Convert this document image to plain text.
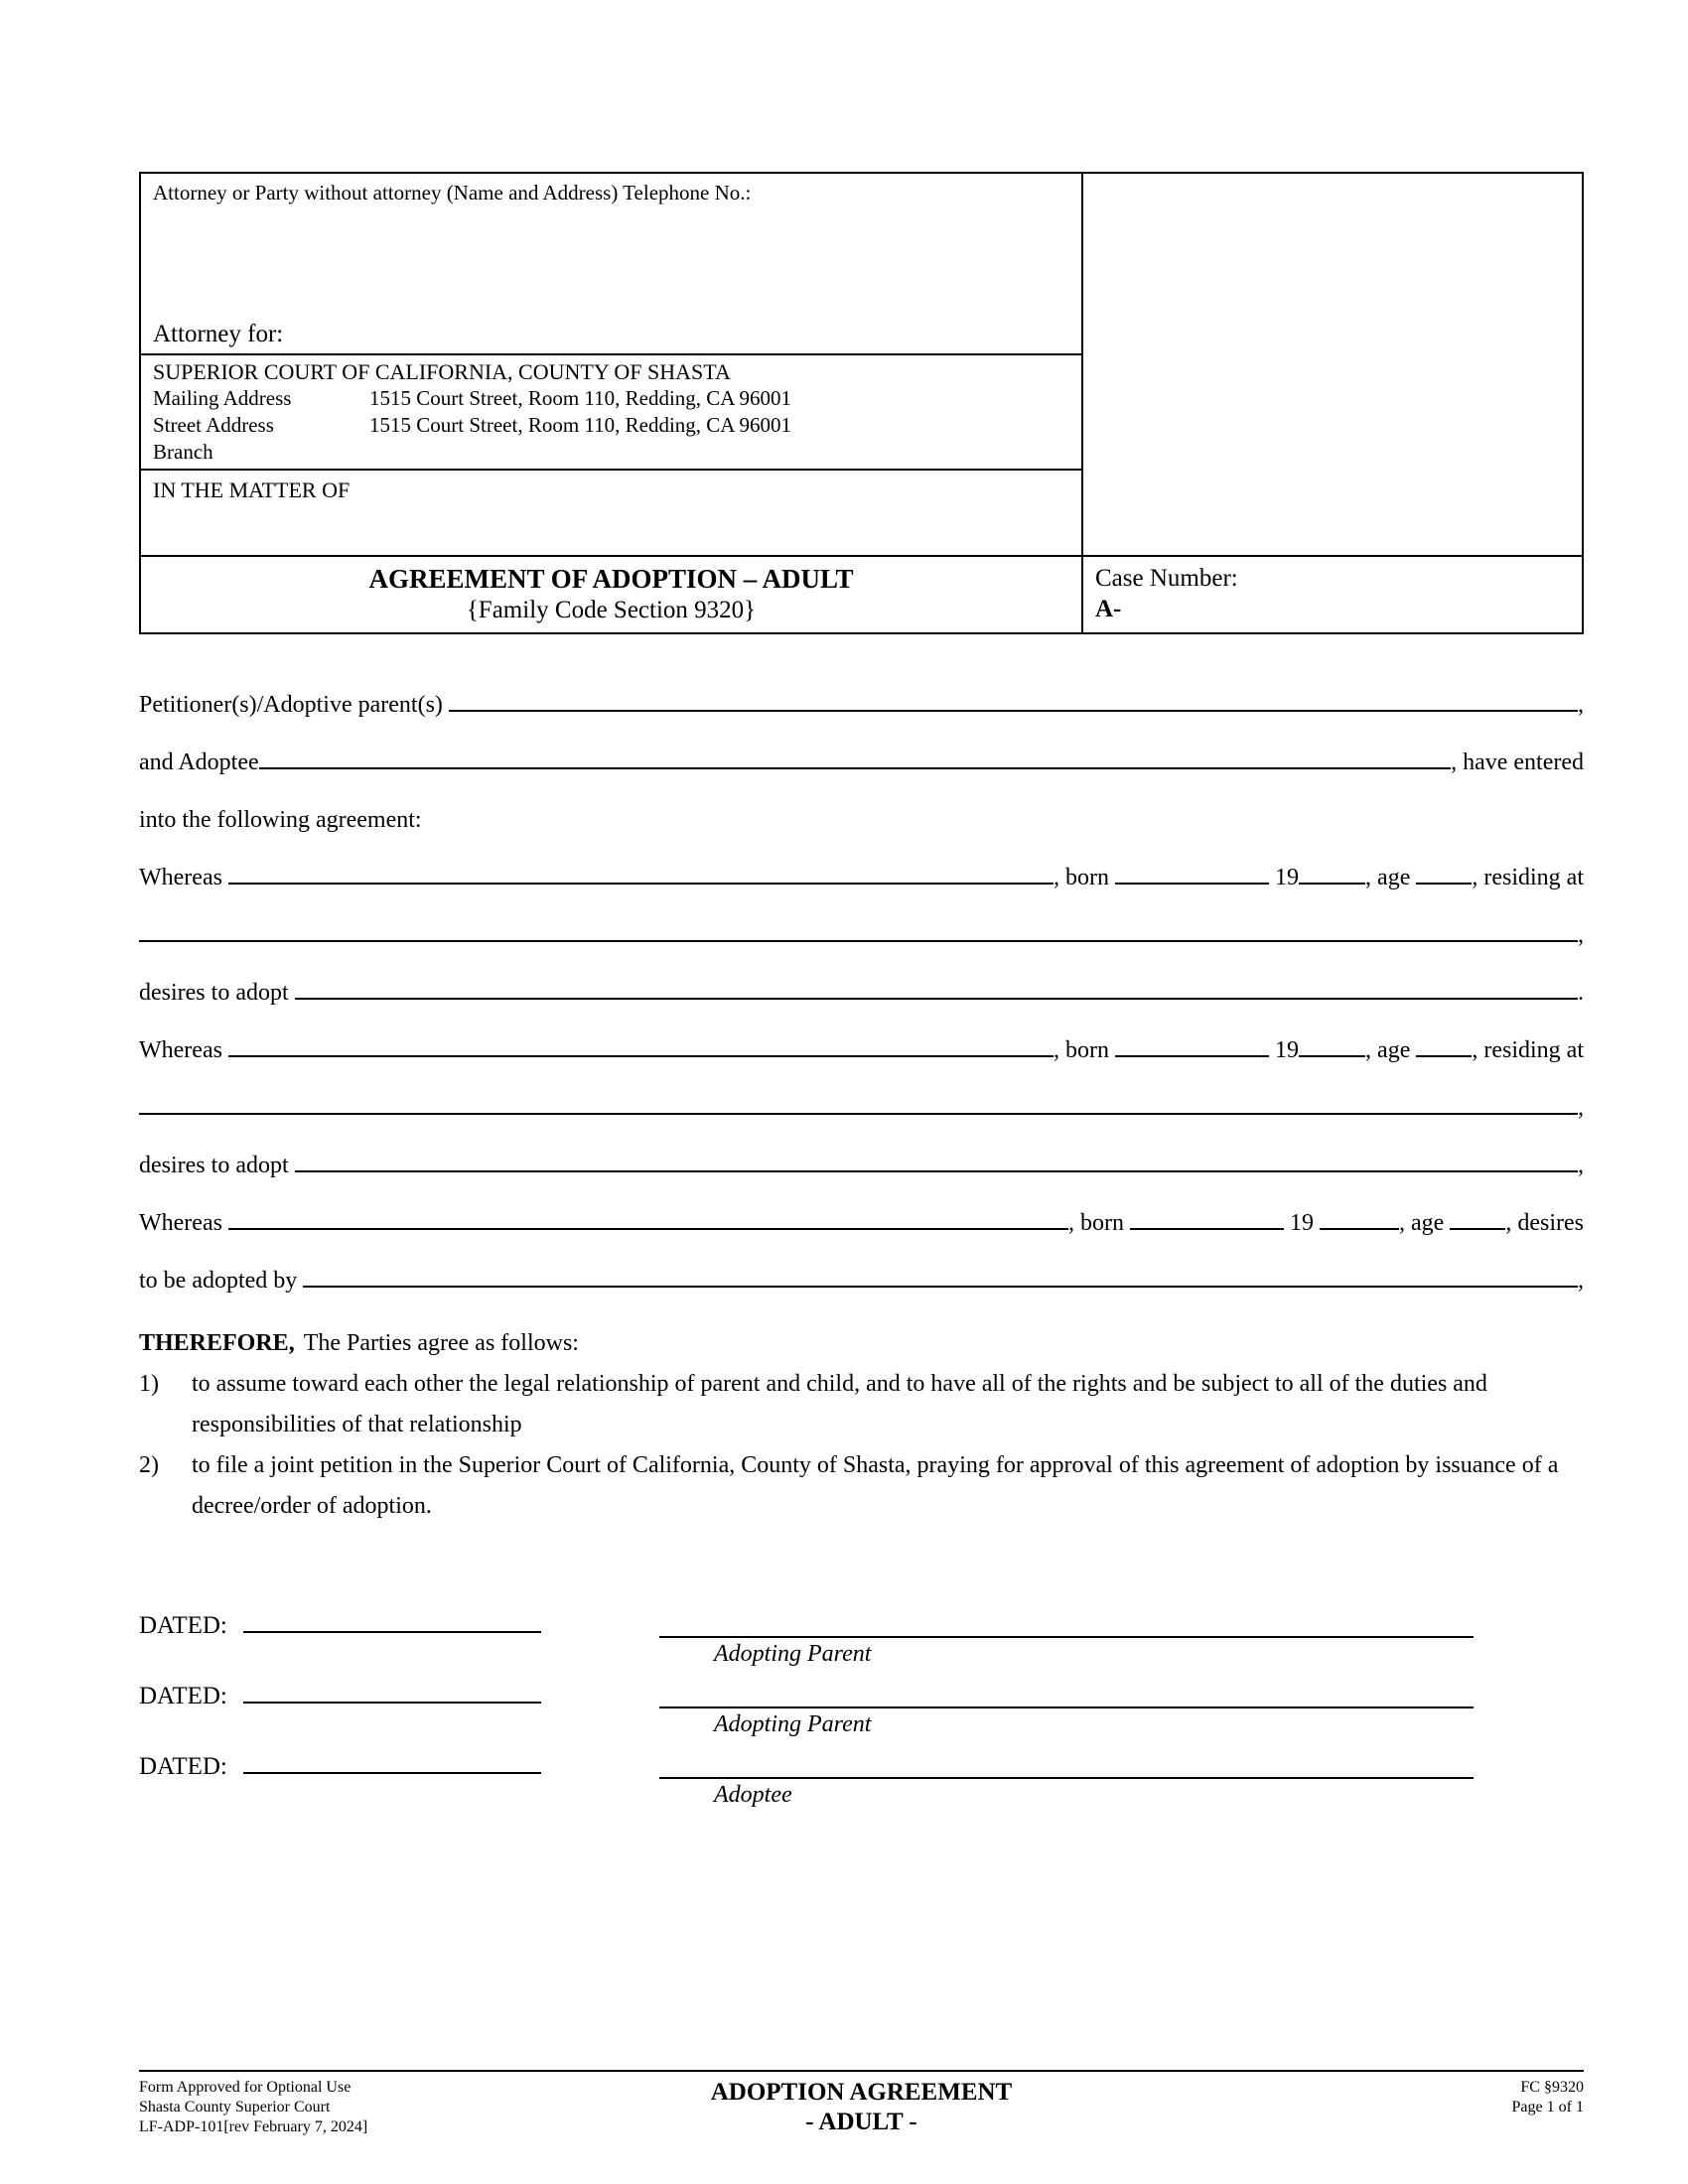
Attorney or Party without attorney (Name and Address) Telephone No.:
Attorney for:
SUPERIOR COURT OF CALIFORNIA, COUNTY OF SHASTA
Mailing Address	1515 Court Street, Room 110, Redding, CA 96001
Street Address	1515 Court Street, Room 110, Redding, CA 96001
Branch
IN THE MATTER OF
AGREEMENT OF ADOPTION – ADULT
{Family Code Section 9320}
Case Number:
A-
Petitioner(s)/Adoptive parent(s)	,
and Adoptee	, have entered
into the following agreement:
Whereas	, born	19	, age , residing at
,
desires to adopt	.
Whereas	, born	19	, age , residing at
,
desires to adopt	,
Whereas	, born	19	, age , desires
to be adopted by	,
THEREFORE, The Parties agree as follows:
1) to assume toward each other the legal relationship of parent and child, and to have all of the rights and be subject to all of the duties and responsibilities of that relationship
2) to file a joint petition in the Superior Court of California, County of Shasta, praying for approval of this agreement of adoption by issuance of a decree/order of adoption.
DATED:
Adopting Parent
DATED:
Adopting Parent
DATED:
Adoptee
Form Approved for Optional Use
Shasta County Superior Court
LF-ADP-101[rev February 7, 2024]
ADOPTION AGREEMENT
- ADULT -
FC §9320
Page 1 of 1
